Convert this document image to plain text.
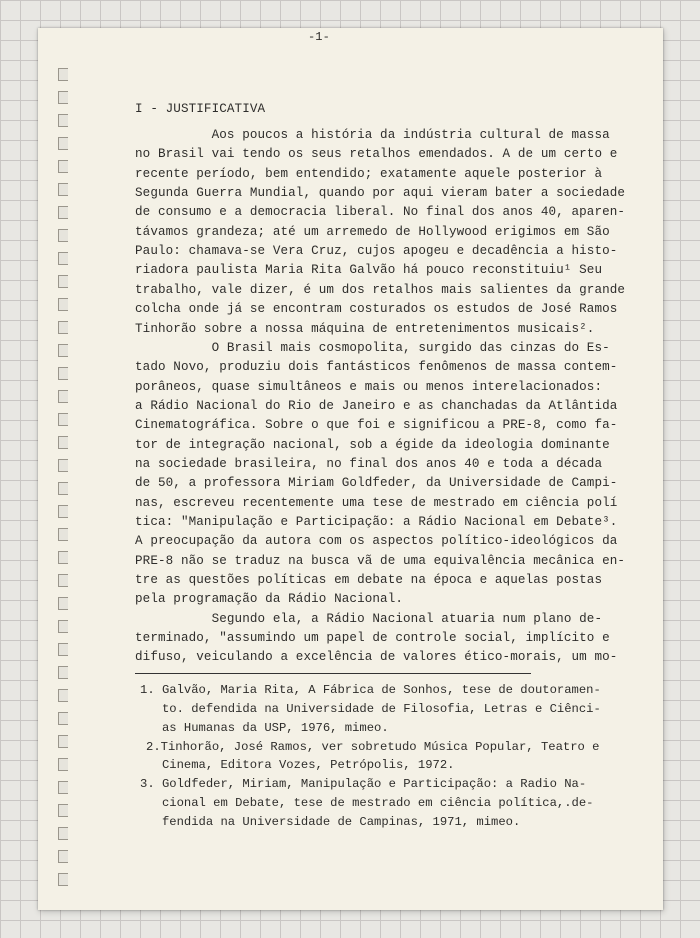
-1-
I - JUSTIFICATIVA
Aos poucos a história da indústria cultural de massa
no Brasil vai tendo os seus retalhos emendados. A de um certo e
recente período, bem entendido; exatamente aquele posterior à
Segunda Guerra Mundial, quando por aqui vieram bater a sociedade
de consumo e a democracia liberal. No final dos anos 40, aparen-
távamos grandeza; até um arremedo de Hollywood erigimos em São
Paulo: chamava-se Vera Cruz, cujos apogeu e decadência a histo-
riadora paulista Maria Rita Galvão há pouco reconstituiu¹ Seu
trabalho, vale dizer, é um dos retalhos mais salientes da grande
colcha onde já se encontram costurados os estudos de José Ramos
Tinhorão sobre a nossa máquina de entretenimentos musicais².
O Brasil mais cosmopolita, surgido das cinzas do Es-
tado Novo, produziu dois fantásticos fenômenos de massa contem-
porâneos, quase simultâneos e mais ou menos interelacionados:
a Rádio Nacional do Rio de Janeiro e as chanchadas da Atlântida
Cinematográfica. Sobre o que foi e significou a PRE-8, como fa-
tor de integração nacional, sob a égide da ideologia dominante
na sociedade brasileira, no final dos anos 40 e toda a década
de 50, a professora Miriam Goldfeder, da Universidade de Campi-
nas, escreveu recentemente uma tese de mestrado em ciência polí
tica: "Manipulação e Participação: a Rádio Nacional em Debate³.
A preocupação da autora com os aspectos político-ideológicos da
PRE-8 não se traduz na busca vã de uma equivalência mecânica en-
tre as questões políticas em debate na época e aquelas postas
pela programação da Rádio Nacional.
Segundo ela, a Rádio Nacional atuaria num plano de-
terminado, "assumindo um papel de controle social, implícito e
difuso, veiculando a excelência de valores ético-morais, um mo-
1. Galvão, Maria Rita, A Fábrica de Sonhos, tese de doutoramen-
to. defendida na Universidade de Filosofia, Letras e Ciênci-
as Humanas da USP, 1976, mimeo.
2.Tinhorão, José Ramos, ver sobretudo Música Popular, Teatro e
Cinema, Editora Vozes, Petrópolis, 1972.
3. Goldfeder, Miriam, Manipulação e Participação: a Radio Na-
cional em Debate, tese de mestrado em ciência política,.de-
fendida na Universidade de Campinas, 1971, mimeo.
